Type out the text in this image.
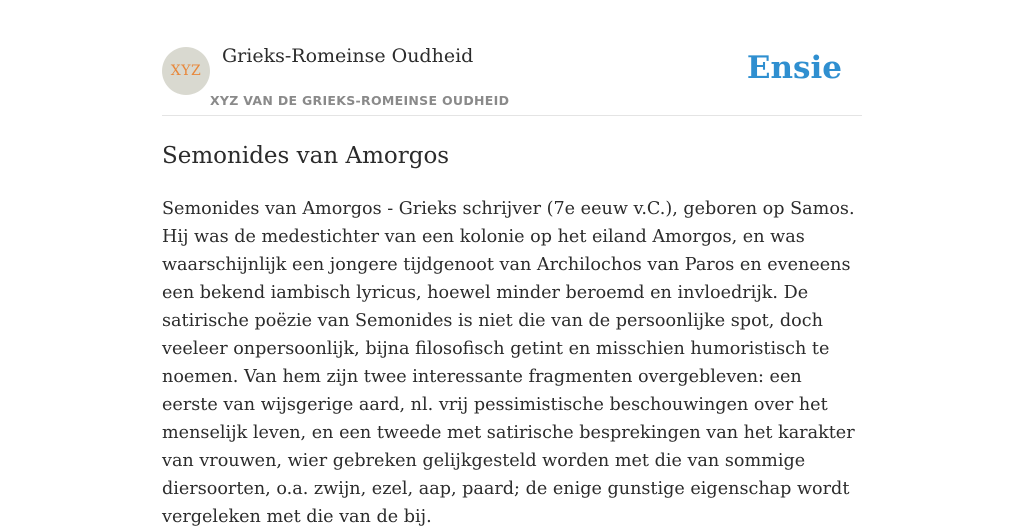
XYZ
Grieks-Romeinse Oudheid
XYZ VAN DE GRIEKS-ROMEINSE OUDHEID
Ensie
Semonides van Amorgos

Semonides van Amorgos - Grieks schrijver (7e eeuw v.C.), geboren op Samos. Hij was de medestichter van een kolonie op het eiland Amorgos, en was waarschijnlijk een jongere tijdgenoot van Archilochos van Paros en eveneens een bekend iambisch lyricus, hoewel minder beroemd en invloedrijk. De satirische poëzie van Semonides is niet die van de persoonlijke spot, doch veeleer onpersoonlijk, bijna filosofisch getint en misschien humoristisch te noemen. Van hem zijn twee interessante fragmenten overgebleven: een eerste van wijsgerige aard, nl. vrij pessimistische beschouwingen over het menselijk leven, en een tweede met satirische besprekingen van het karakter van vrouwen, wier gebreken gelijkgesteld worden met die van sommige diersoorten, o.a. zwijn, ezel, aap, paard; de enige gunstige eigenschap wordt vergeleken met die van de bij.
